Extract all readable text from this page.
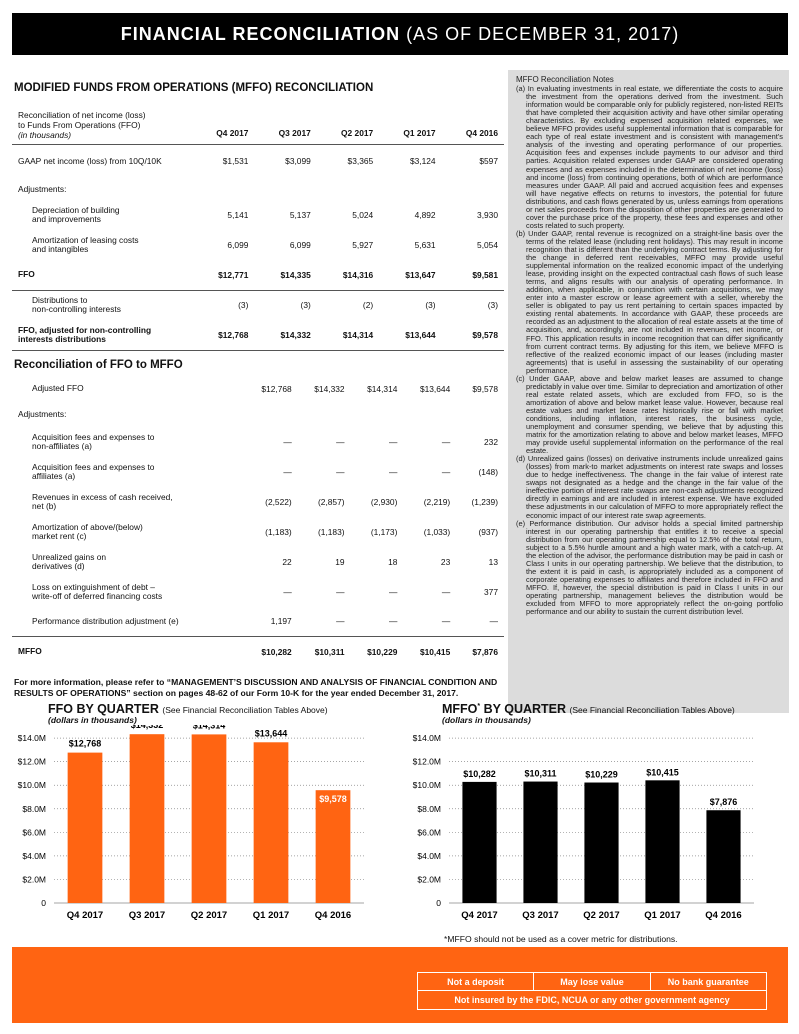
FINANCIAL RECONCILIATION (AS OF DECEMBER 31, 2017)
MODIFIED FUNDS FROM OPERATIONS (MFFO) RECONCILIATION
Reconciliation of net income (loss)
to Funds From Operations (FFO)
(in thousands)	Q4 2017	Q3 2017	Q2 2017	Q1 2017	Q4 2016

GAAP net income (loss) from 10Q/10K	$1,531	$3,099	$3,365	$3,124	$597

Adjustments:					

Depreciation of building
and improvements	5,141	5,137	5,024	4,892	3,930

Amortization of leasing costs
and intangibles	6,099	6,099	5,927	5,631	5,054

FFO	$12,771	$14,335	$14,316	$13,647	$9,581

Distributions to
non-controlling interests	(3)	(3)	(2)	(3)	(3)

FFO, adjusted for non-controlling
interests distributions	$12,768	$14,332	$14,314	$13,644	$9,578
Reconciliation of FFO to MFFO
Adjusted FFO	$12,768	$14,332	$14,314	$13,644	$9,578

Adjustments:					

Acquisition fees and expenses to
non-affiliates (a)	—	—	—	—	232

Acquisition fees and expenses to
affiliates (a)	—	—	—	—	(148)

Revenues in excess of cash received,
net (b)	(2,522)	(2,857)	(2,930)	(2,219)	(1,239)

Amortization of above/(below)
market rent (c)	(1,183)	(1,183)	(1,173)	(1,033)	(937)

Unrealized gains on
derivatives (d)	22	19	18	23	13

Loss on extinguishment of debt –
write-off of deferred financing costs	—	—	—	—	377

Performance distribution adjustment (e)	1,197	—	—	—	—

MFFO	$10,282	$10,311	$10,229	$10,415	$7,876
For more information, please refer to “MANAGEMENT’S DISCUSSION AND ANALYSIS OF FINANCIAL CONDITION AND RESULTS OF OPERATIONS” section on pages 48-62 of our Form 10-K for the year ended December 31, 2017.
MFFO Reconciliation Notes

(a) In evaluating investments in real estate, we differentiate the costs to acquire the investment from the operations derived from the investment. Such information would be comparable only for publicly registered, non-listed REITs that have completed their acquisition activity and have other similar operating characteristics. By excluding expensed acquisition related expenses, we believe MFFO provides useful supplemental information that is comparable for each type of real estate investment and is consistent with management’s analysis of the investing and operating performance of our properties. Acquisition fees and expenses include payments to our advisor and third parties. Acquisition related expenses under GAAP are considered operating expenses and as expenses included in the determination of net income (loss) and income (loss) from continuing operations, both of which are performance measures under GAAP. All paid and accrued acquisition fees and expenses will have negative effects on returns to investors, the potential for future distributions, and cash flows generated by us, unless earnings from operations or net sales proceeds from the disposition of other properties are generated to cover the purchase price of the property, these fees and expenses and other costs related to such property.

(b) Under GAAP, rental revenue is recognized on a straight-line basis over the terms of the related lease (including rent holidays). This may result in income recognition that is different than the underlying contract terms. By adjusting for the change in deferred rent receivables, MFFO may provide useful supplemental information on the realized economic impact of the underlying lease, providing insight on the expected contractual cash flows of such lease terms, and aligns results with our analysis of operating performance. In addition, when applicable, in conjunction with certain acquisitions, we may enter into a master escrow or lease agreement with a seller, whereby the seller is obligated to pay us rent pertaining to certain spaces impacted by existing rental abatements. In accordance with GAAP, these proceeds are recorded as an adjustment to the allocation of real estate assets at the time of acquisition, and, accordingly, are not included in revenues, net income, or FFO. This application results in income recognition that can differ significantly from current contract terms. By adjusting for this item, we believe MFFO is reflective of the realized economic impact of our leases (including master agreements) that is useful in assessing the sustainability of our operating performance.

(c) Under GAAP, above and below market leases are assumed to change predictably in value over time. Similar to depreciation and amortization of other real estate related assets, which are excluded from FFO, so is the amortization of above and below market lease value. However, because real estate values and market lease rates historically rise or fall with market conditions, including inflation, interest rates, the business cycle, unemployment and consumer spending, we believe that by adjusting this matrix for the amortization relating to above and below market leases, MFFO may provide useful supplemental information on the performance of the real estate.

(d) Unrealized gains (losses) on derivative instruments include unrealized gains (losses) from mark-to market adjustments on interest rate swaps and losses due to hedge ineffectiveness. The change in the fair value of interest rate swaps not designated as a hedge and the change in the fair value of the ineffective portion of interest rate swaps are non-cash adjustments recognized directly in earnings and are included in interest expense. We have excluded these adjustments in our calculation of MFFO to more appropriately reflect the economic impact of our interest rate swap agreements.

(e) Performance distribution. Our advisor holds a special limited partnership interest in our operating partnership that entitles it to receive a special distribution from our operating partnership equal to 12.5% of the total return, subject to a 5.5% hurdle amount and a high water mark, with a catch-up. At the election of the advisor, the performance distribution may be paid in cash or Class I units in our operating partnership. We believe that the distribution, to the extent it is paid in cash, is appropriately included as a component of corporate operating expenses to affiliates and therefore included in FFO and MFFO. If, however, the special distribution is paid in Class I units in our operating partnership, management believes the distribution would be excluded from MFFO to more appropriately reflect the on-going portfolio performance and our ability to sustain the current distribution level.

FFO BY QUARTER (See Financial Reconciliation Tables Above)
(dollars in thousands)
0
$2.0M
$4.0M
$6.0M
$8.0M
$10.0M
$12.0M
$14.0M
$12,768
Q4 2017
$14,332
Q3 2017
$14,314
Q2 2017
$13,644
Q1 2017
$9,578
Q4 2016
MFFO* BY QUARTER (See Financial Reconciliation Tables Above)
(dollars in thousands)
0
$2.0M
$4.0M
$6.0M
$8.0M
$10.0M
$12.0M
$14.0M
$10,282
Q4 2017
$10,311
Q3 2017
$10,229
Q2 2017
$10,415
Q1 2017
$7,876
Q4 2016
*MFFO should not be used as a cover metric for distributions.
Not a deposit	May lose value	No bank guarantee
Not insured by the FDIC, NCUA or any other government agency
